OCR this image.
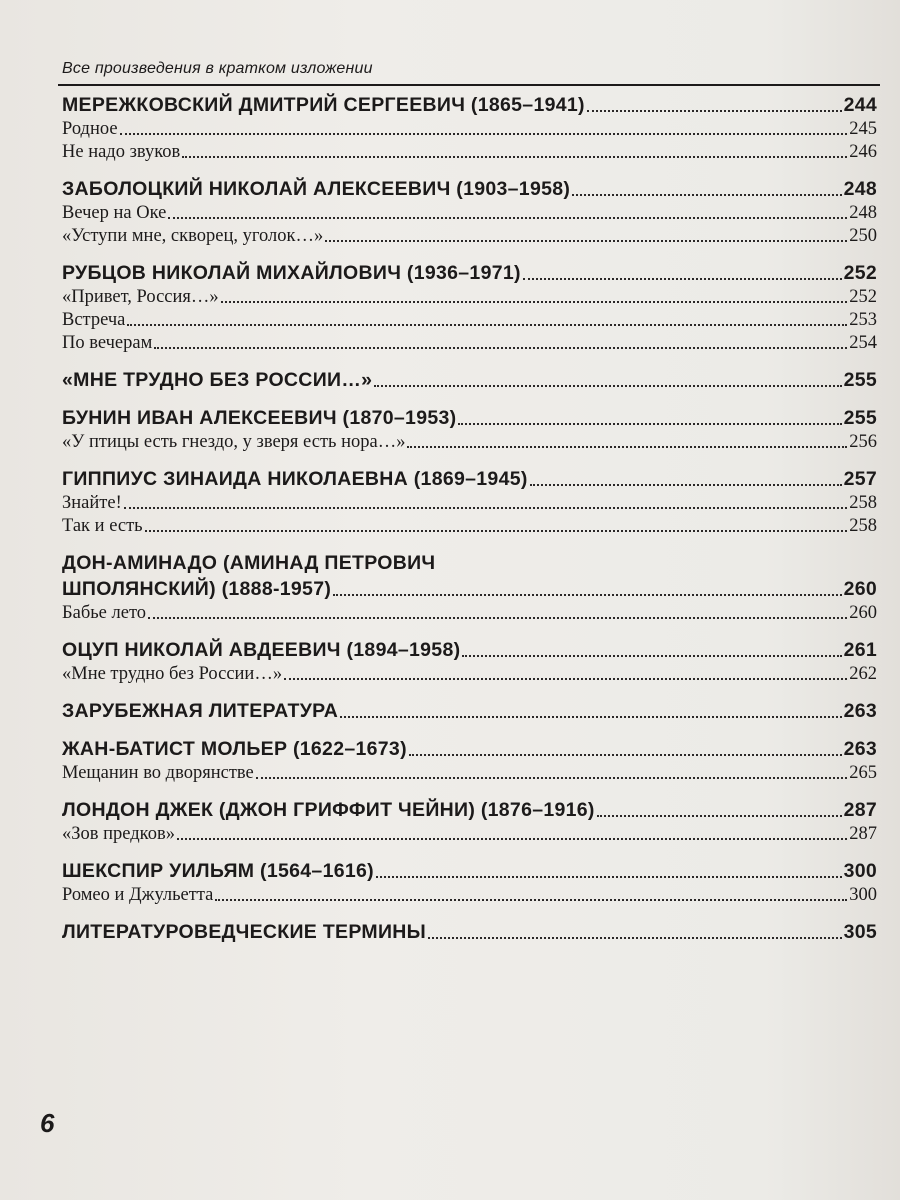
Все произведения в кратком изложении
МЕРЕЖКОВСКИЙ ДМИТРИЙ СЕРГЕЕВИЧ (1865–1941)	244
Родное	245
Не надо звуков	246
ЗАБОЛОЦКИЙ НИКОЛАЙ АЛЕКСЕЕВИЧ (1903–1958)	248
Вечер на Оке	248
«Уступи мне, скворец, уголок…»	250
РУБЦОВ НИКОЛАЙ МИХАЙЛОВИЧ (1936–1971)	252
«Привет, Россия…»	252
Встреча	253
По вечерам	254
«МНЕ ТРУДНО БЕЗ РОССИИ…»	255
БУНИН ИВАН АЛЕКСЕЕВИЧ (1870–1953)	255
«У птицы есть гнездо, у зверя есть нора…»	256
ГИППИУС ЗИНАИДА НИКОЛАЕВНА (1869–1945)	257
Знайте!	258
Так и есть	258
ДОН-АМИНАДО (АМИНАД ПЕТРОВИЧ
ШПОЛЯНСКИЙ) (1888-1957)	260
Бабье лето	260
ОЦУП НИКОЛАЙ АВДЕЕВИЧ (1894–1958)	261
«Мне трудно без России…»	262
ЗАРУБЕЖНАЯ ЛИТЕРАТУРА	263
ЖАН-БАТИСТ МОЛЬЕР (1622–1673)	263
Мещанин во дворянстве	265
ЛОНДОН ДЖЕК (ДЖОН ГРИФФИТ ЧЕЙНИ) (1876–1916)	287
«Зов предков»	287
ШЕКСПИР УИЛЬЯМ (1564–1616)	300
Ромео и Джульетта	300
ЛИТЕРАТУРОВЕДЧЕСКИЕ ТЕРМИНЫ	305
6
